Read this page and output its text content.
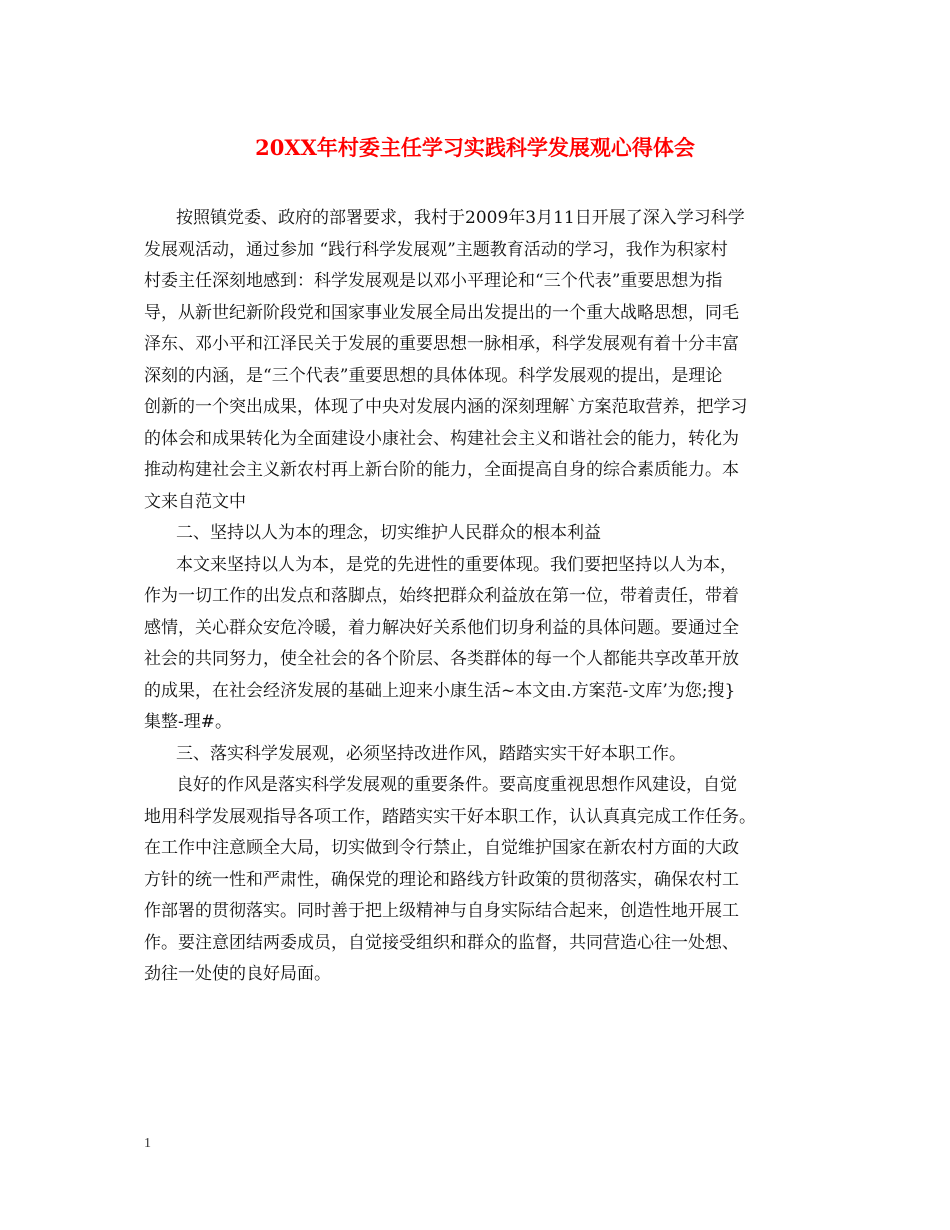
20XX年村委主任学习实践科学发展观心得体会
按照镇党委、政府的部署要求，我村于2009年3月11日开展了深入学习科学
发展观活动，通过参加 “践行科学发展观”主题教育活动的学习，我作为积家村
村委主任深刻地感到：科学发展观是以邓小平理论和“三个代表”重要思想为指
导，从新世纪新阶段党和国家事业发展全局出发提出的一个重大战略思想，同毛
泽东、邓小平和江泽民关于发展的重要思想一脉相承，科学发展观有着十分丰富
深刻的内涵，是“三个代表”重要思想的具体体现。科学发展观的提出，是理论
创新的一个突出成果，体现了中央对发展内涵的深刻理解`方案范取营养，把学习
的体会和成果转化为全面建设小康社会、构建社会主义和谐社会的能力，转化为
推动构建社会主义新农村再上新台阶的能力，全面提高自身的综合素质能力。本
文来自范文中
二、坚持以人为本的理念，切实维护人民群众的根本利益
本文来坚持以人为本，是党的先进性的重要体现。我们要把坚持以人为本，
作为一切工作的出发点和落脚点，始终把群众利益放在第一位，带着责任，带着
感情，关心群众安危冷暖，着力解决好关系他们切身利益的具体问题。要通过全
社会的共同努力，使全社会的各个阶层、各类群体的每一个人都能共享改革开放
的成果，在社会经济发展的基础上迎来小康生活~本文由.方案范-文库’为您;搜}
集整-理#。
三、落实科学发展观，必须坚持改进作风，踏踏实实干好本职工作。
良好的作风是落实科学发展观的重要条件。要高度重视思想作风建设，自觉
地用科学发展观指导各项工作，踏踏实实干好本职工作，认认真真完成工作任务。
在工作中注意顾全大局，切实做到令行禁止，自觉维护国家在新农村方面的大政
方针的统一性和严肃性，确保党的理论和路线方针政策的贯彻落实，确保农村工
作部署的贯彻落实。同时善于把上级精神与自身实际结合起来，创造性地开展工
作。要注意团结两委成员，自觉接受组织和群众的监督，共同营造心往一处想、
劲往一处使的良好局面。
1
